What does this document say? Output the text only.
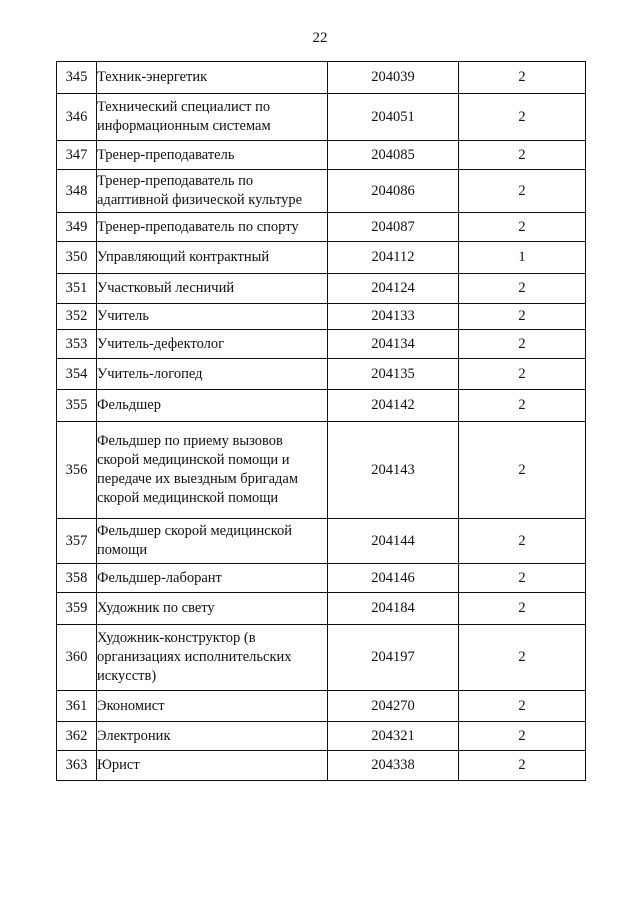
22
345	Техник-энергетик	204039	2
346	Технический специалист по информационным системам	204051	2
347	Тренер-преподаватель	204085	2
348	Тренер-преподаватель по адаптивной физической культуре	204086	2
349	Тренер-преподаватель по спорту	204087	2
350	Управляющий контрактный	204112	1
351	Участковый лесничий	204124	2
352	Учитель	204133	2
353	Учитель-дефектолог	204134	2
354	Учитель-логопед	204135	2
355	Фельдшер	204142	2
356	Фельдшер по приему вызовов скорой медицинской помощи и передаче их выездным бригадам скорой медицинской помощи	204143	2
357	Фельдшер скорой медицинской помощи	204144	2
358	Фельдшер-лаборант	204146	2
359	Художник по свету	204184	2
360	Художник-конструктор (в организациях исполнительских искусств)	204197	2
361	Экономист	204270	2
362	Электроник	204321	2
363	Юрист	204338	2
